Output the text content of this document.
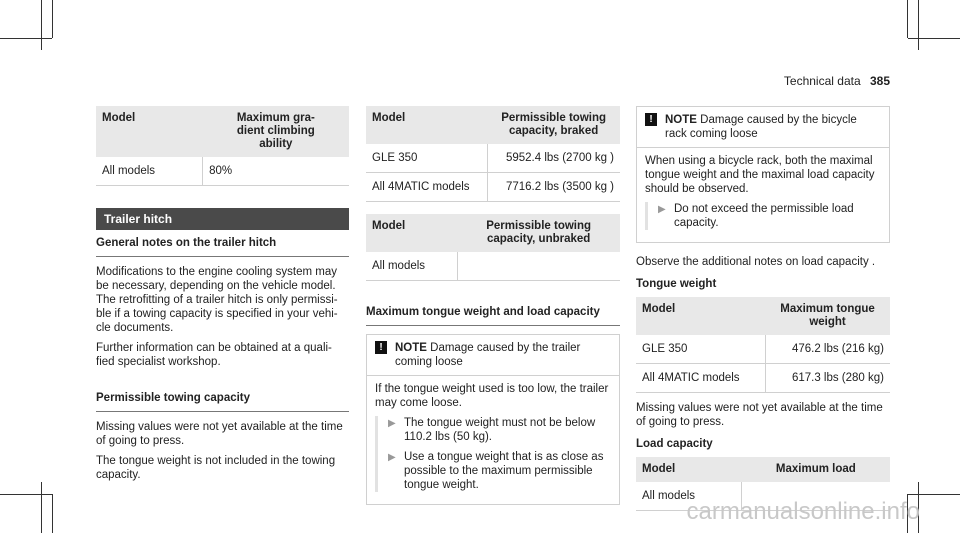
Technical data 385
Model	Maximum gra-
dient climbing
ability
All models	80%
Trailer hitch
General notes on the trailer hitch

Modifications to the engine cooling system may be necessary, depending on the vehicle model. The retrofitting of a trailer hitch is only permissi- ble if a towing capacity is specified in your vehi- cle documents.

Further information can be obtained at a quali- fied specialist workshop.

Permissible towing capacity

Missing values were not yet available at the time of going to press.

The tongue weight is not included in the towing capacity.

Model	Permissible towing
capacity, braked
GLE 350	5952.4 lbs (2700 kg )
All 4MATIC models	7716.2 lbs (3500 kg )
Model	Permissible towing
capacity, unbraked
All models	
Maximum tongue weight and load capacity
!	NOTE Damage caused by the trailer coming loose

If the tongue weight used is too low, the trailer may come loose.

▶ The tongue weight must not be below 110.2 lbs (50 kg).
▶ Use a tongue weight that is as close as possible to the maximum permissible tongue weight.
!	NOTE Damage caused by the bicycle rack coming loose

When using a bicycle rack, both the maximal tongue weight and the maximal load capacity should be observed.

▶ Do not exceed the permissible load capacity.

Observe the additional notes on load capacity .

Tongue weight
Model	Maximum tongue
weight
GLE 350	476.2 lbs (216 kg)
All 4MATIC models	617.3 lbs (280 kg)

Missing values were not yet available at the time of going to press.

Load capacity
Model	Maximum load
All models	
carmanualsonline.info
